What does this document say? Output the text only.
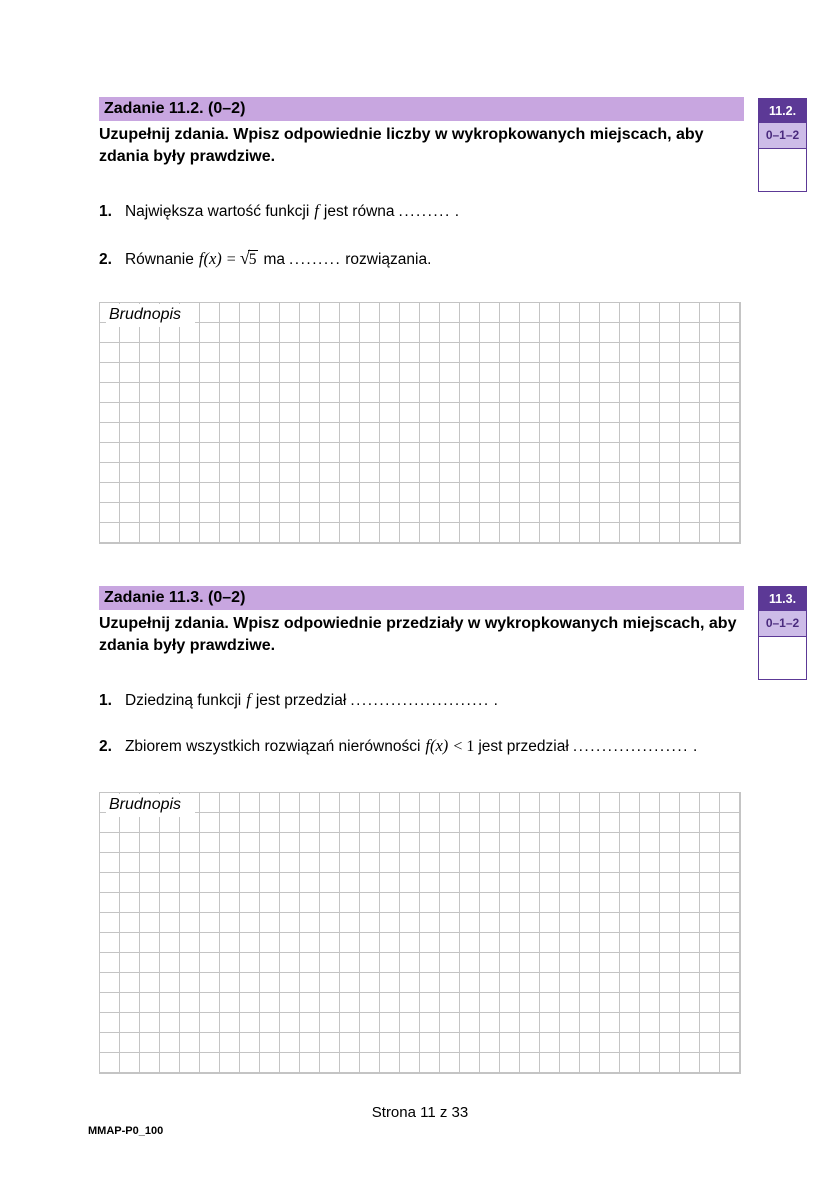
Zadanie 11.2. (0–2)
Uzupełnij zdania. Wpisz odpowiednie liczby w wykropkowanych miejscach, aby zdania były prawdziwe.
1. Największa wartość funkcji f jest równa ......... .
2. Równanie f(x) = √5 ma ......... rozwiązania.
Brudnopis
11.2.
0–1–2
Zadanie 11.3. (0–2)
Uzupełnij zdania. Wpisz odpowiednie przedziały w wykropkowanych miejscach, aby zdania były prawdziwe.
1. Dziedziną funkcji f jest przedział ........................ .
2. Zbiorem wszystkich rozwiązań nierówności f(x) < 1 jest przedział .................... .
Brudnopis
11.3.
0–1–2
Strona 11 z 33
MMAP-P0_100
